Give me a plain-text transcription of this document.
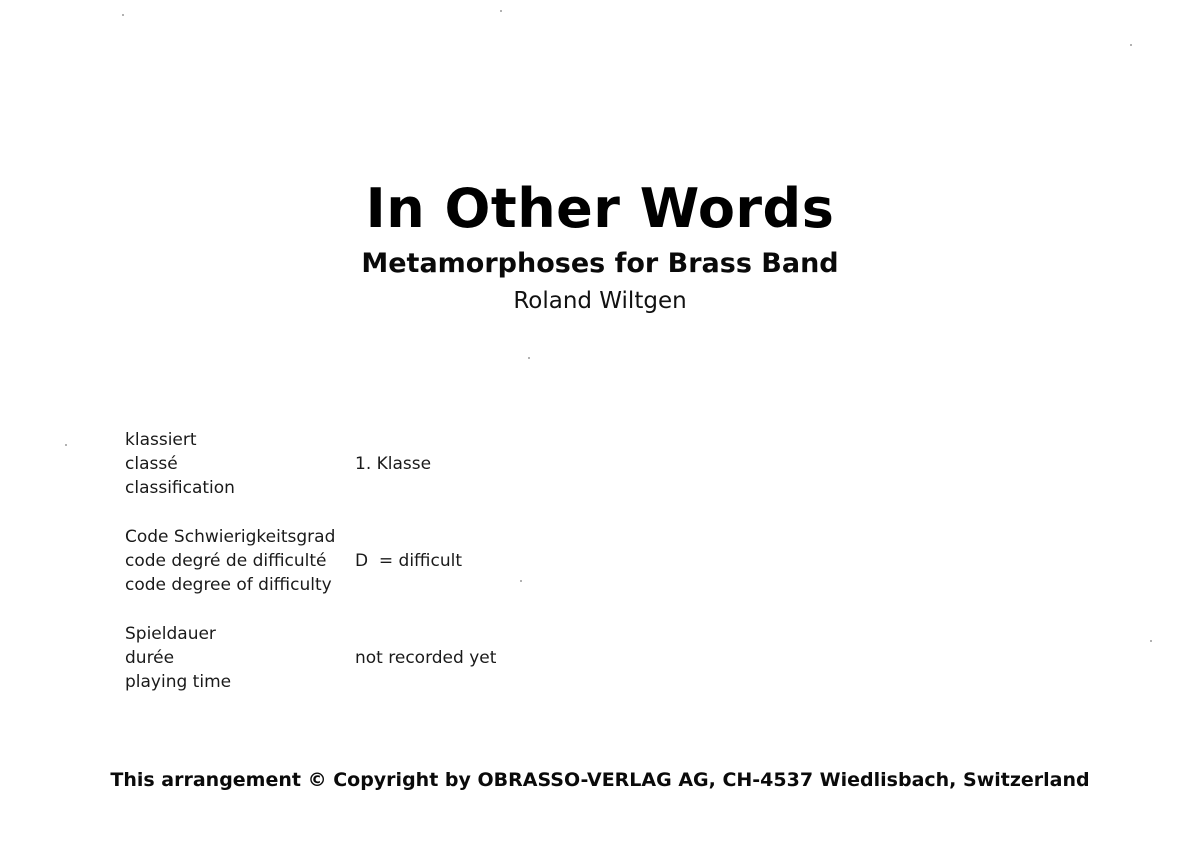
In Other Words
Metamorphoses for Brass Band
Roland Wiltgen
klassiert
classé
classification
1. Klasse
Code Schwierigkeitsgrad
code degré de difficulté
code degree of difficulty
D  = difficult
Spieldauer
durée
playing time
not recorded yet
This arrangement © Copyright by OBRASSO-VERLAG AG, CH-4537 Wiedlisbach, Switzerland
